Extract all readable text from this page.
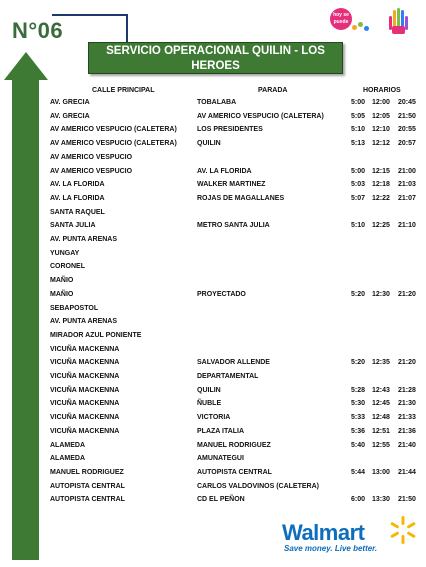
N°06
hoy se puede
SERVICIO OPERACIONAL QUILIN - LOS
HEROES
CALLE PRINCIPAL	PARADA	HORARIOS
AV. GRECIA	TOBALABA	5:00 12:00 20:45
AV. GRECIA	AV AMERICO VESPUCIO (CALETERA)	5:05 12:05 21:50
AV AMERICO VESPUCIO (CALETERA)	LOS PRESIDENTES	5:10 12:10 20:55
AV AMERICO VESPUCIO (CALETERA)	QUILIN	5:13 12:12 20:57
AV AMERICO VESPUCIO
AV AMERICO VESPUCIO	AV. LA FLORIDA	5:00 12:15 21:00
AV. LA FLORIDA	WALKER MARTINEZ	5:03 12:18 21:03
AV. LA FLORIDA	ROJAS DE MAGALLANES	5:07 12:22 21:07
SANTA RAQUEL
SANTA JULIA	METRO SANTA JULIA	5:10 12:25 21:10
AV. PUNTA ARENAS
YUNGAY
CORONEL
MAÑIO
MAÑIO	PROYECTADO	5:20 12:30 21:20
SEBAPOSTOL
AV. PUNTA ARENAS
MIRADOR AZUL PONIENTE
VICUÑA MACKENNA
VICUÑA MACKENNA	SALVADOR ALLENDE	5:20 12:35 21:20
VICUÑA MACKENNA	DEPARTAMENTAL
VICUÑA MACKENNA	QUILIN	5:28 12:43 21:28
VICUÑA MACKENNA	ÑUBLE	5:30 12:45 21:30
VICUÑA MACKENNA	VICTORIA	5:33 12:48 21:33
VICUÑA MACKENNA	PLAZA ITALIA	5:36 12:51 21:36
ALAMEDA	MANUEL RODRIGUEZ	5:40 12:55 21:40
ALAMEDA	AMUNATEGUI
MANUEL RODRIGUEZ	AUTOPISTA CENTRAL	5:44 13:00 21:44
AUTOPISTA CENTRAL	CARLOS VALDOVINOS (CALETERA)
AUTOPISTA CENTRAL	CD EL PEÑON	6:00 13:30 21:50
Walmart
Save money. Live better.
